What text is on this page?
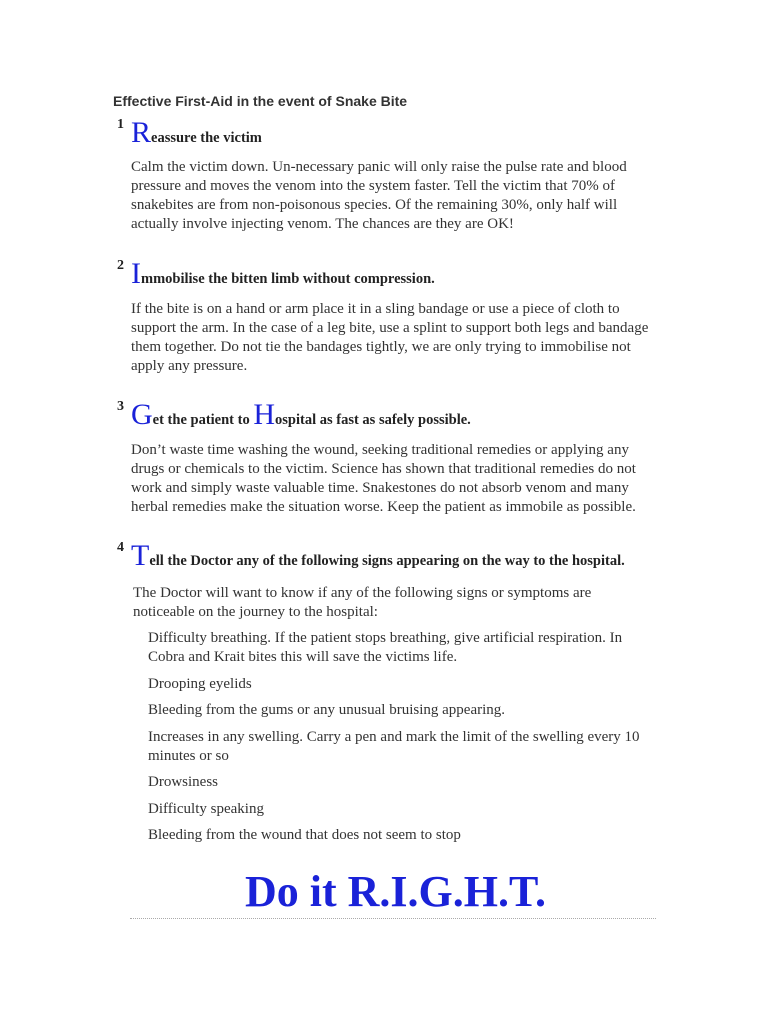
Effective First-Aid in the event of Snake Bite
1 Reassure the victim

Calm the victim down. Un-necessary panic will only raise the pulse rate and blood pressure and moves the venom into the system faster. Tell the victim that 70% of snakebites are from non-poisonous species. Of the remaining 30%, only half will actually involve injecting venom. The chances are they are OK!

2 Immobilise the bitten limb without compression.

If the bite is on a hand or arm place it in a sling bandage or use a piece of cloth to support the arm. In the case of a leg bite, use a splint to support both legs and bandage them together. Do not tie the bandages tightly, we are only trying to immobilise not apply any pressure.

3 Get the patient to Hospital as fast as safely possible.

Don’t waste time washing the wound, seeking traditional remedies or applying any drugs or chemicals to the victim. Science has shown that traditional remedies do not work and simply waste valuable time. Snakestones do not absorb venom and many herbal remedies make the situation worse. Keep the patient as immobile as possible.

4 Tell the Doctor any of the following signs appearing on the way to the hospital.

The Doctor will want to know if any of the following signs or symptoms are noticeable on the journey to the hospital:

Difficulty breathing. If the patient stops breathing, give artificial respiration. In Cobra and Krait bites this will save the victims life.
Drooping eyelids
Bleeding from the gums or any unusual bruising appearing.
Increases in any swelling. Carry a pen and mark the limit of the swelling every 10 minutes or so
Drowsiness
Difficulty speaking
Bleeding from the wound that does not seem to stop
Do it R.I.G.H.T.
